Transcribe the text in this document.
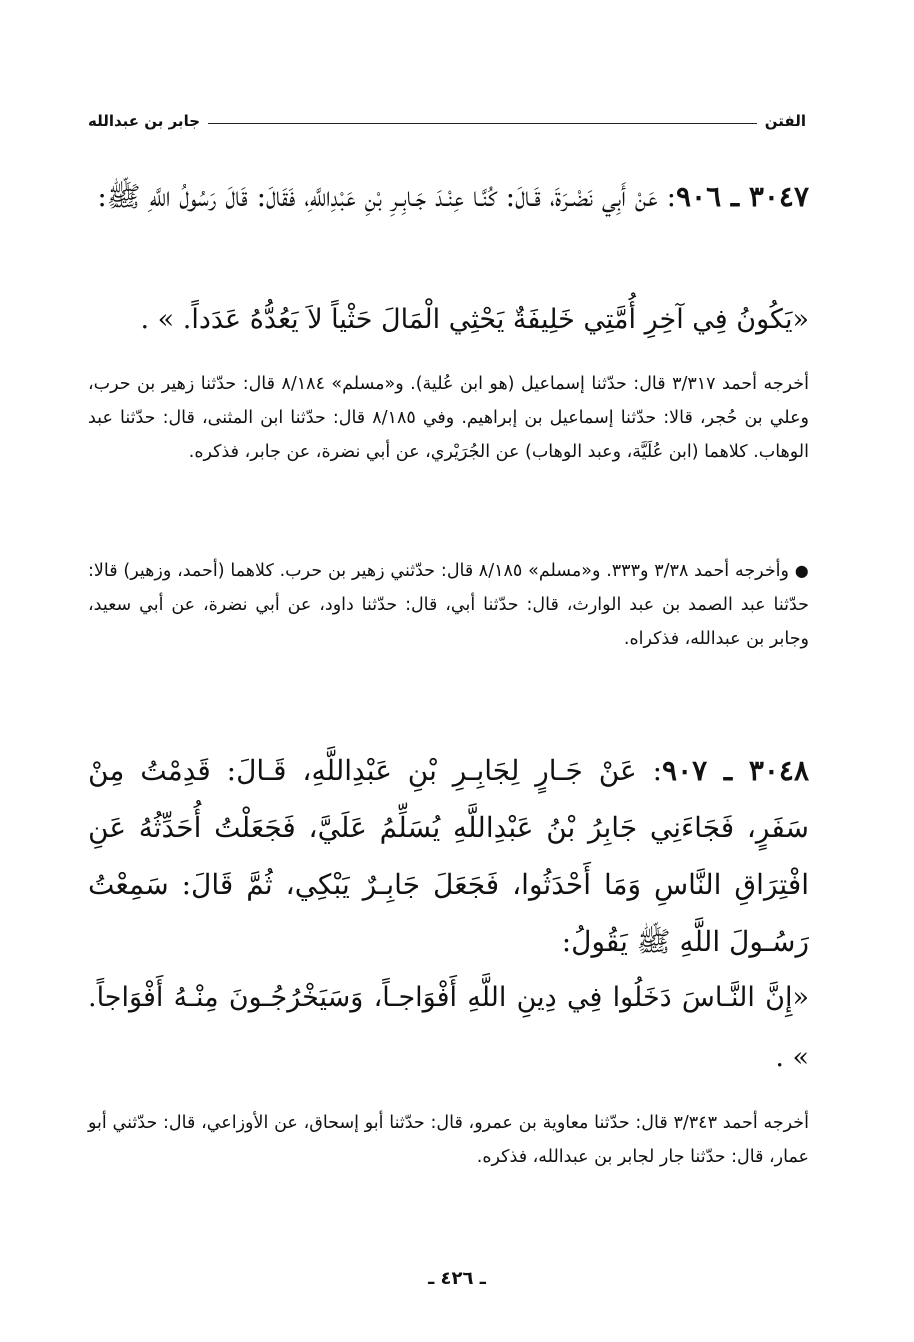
الفتن
جابر بن عبدالله
٣٠٤٧ ـ ٩٠٦: عَنْ أَبِي نَضْـرَةَ، قَـالَ: كُنَّـا عِنْـدَ جَـابِـرِ بْنِ عَبْدِاللَّهِ، فَقَالَ: قَالَ رَسُولُ اللَّهِ ﷺ:
«يَكُونُ فِي آخِرِ أُمَّتِي خَلِيفَةٌ يَحْثِي الْمَالَ حَثْياً لاَ يَعُدُّهُ عَدَداً. » .
أخرجه أحمد ٣/٣١٧ قال: حدّثنا إسماعيل (هو ابن عُلية). و«مسلم» ٨/١٨٤ قال: حدّثنا زهير بن حرب، وعلي بن حُجر، قالا: حدّثنا إسماعيل بن إبراهيم. وفي ٨/١٨٥ قال: حدّثنا ابن المثنى، قال: حدّثنا عبد الوهاب. كلاهما (ابن عُلَيَّة، وعبد الوهاب) عن الجُرَيْري، عن أبي نضرة، عن جابر، فذكره.
● وأخرجه أحمد ٣/٣٨ و٣٣٣. و«مسلم» ٨/١٨٥ قال: حدّثني زهير بن حرب. كلاهما (أحمد، وزهير) قالا: حدّثنا عبد الصمد بن عبد الوارث، قال: حدّثنا أبي، قال: حدّثنا داود، عن أبي نضرة، عن أبي سعيد، وجابر بن عبدالله، فذكراه.
٣٠٤٨ ـ ٩٠٧: عَنْ جَـارٍ لِجَابِـرِ بْنِ عَبْدِاللَّهِ، قَـالَ: قَدِمْتُ مِنْ سَفَرٍ، فَجَاءَنِي جَابِرُ بْنُ عَبْدِاللَّهِ يُسَلِّمُ عَلَيَّ، فَجَعَلْتُ أُحَدِّثُهُ عَنِ افْتِرَاقِ النَّاسِ وَمَا أَحْدَثُوا، فَجَعَلَ جَابِـرٌ يَبْكِي، ثُمَّ قَالَ: سَمِعْتُ رَسُـولَ اللَّهِ ﷺ يَقُولُ:
«إِنَّ النَّـاسَ دَخَلُوا فِي دِينِ اللَّهِ أَفْوَاجـاً، وَسَيَخْرُجُـونَ مِنْـهُ أَفْوَاجاً. » .
أخرجه أحمد ٣/٣٤٣ قال: حدّثنا معاوية بن عمرو، قال: حدّثنا أبو إسحاق، عن الأوزاعي، قال: حدّثني أبو عمار، قال: حدّثنا جار لجابر بن عبدالله، فذكره.
ـ ٤٢٦ ـ
